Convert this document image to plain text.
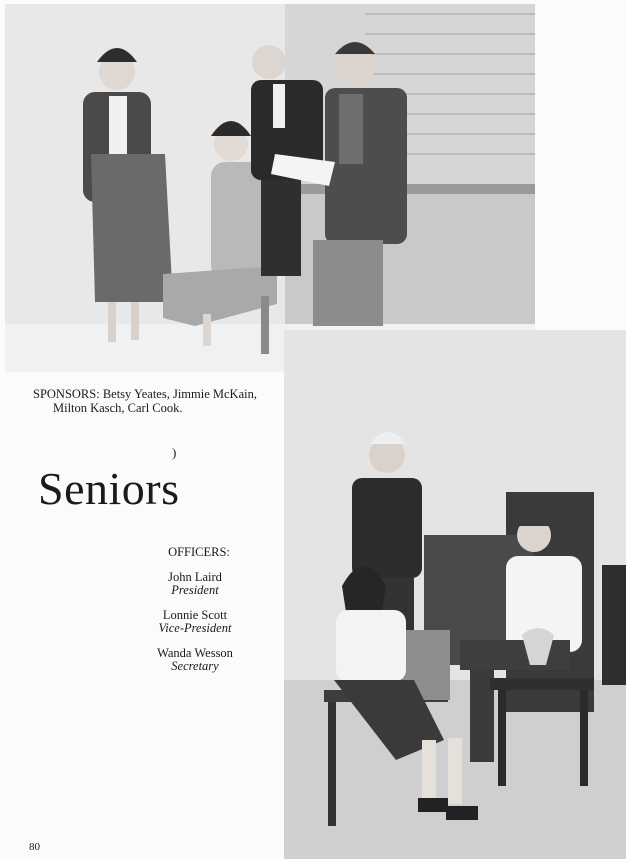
SPONSORS: Betsy Yeates, Jimmie McKain,
Milton Kasch, Carl Cook.
)
Seniors
OFFICERS:
John Laird
President
Lonnie Scott
Vice-President
Wanda Wesson
Secretary
80
